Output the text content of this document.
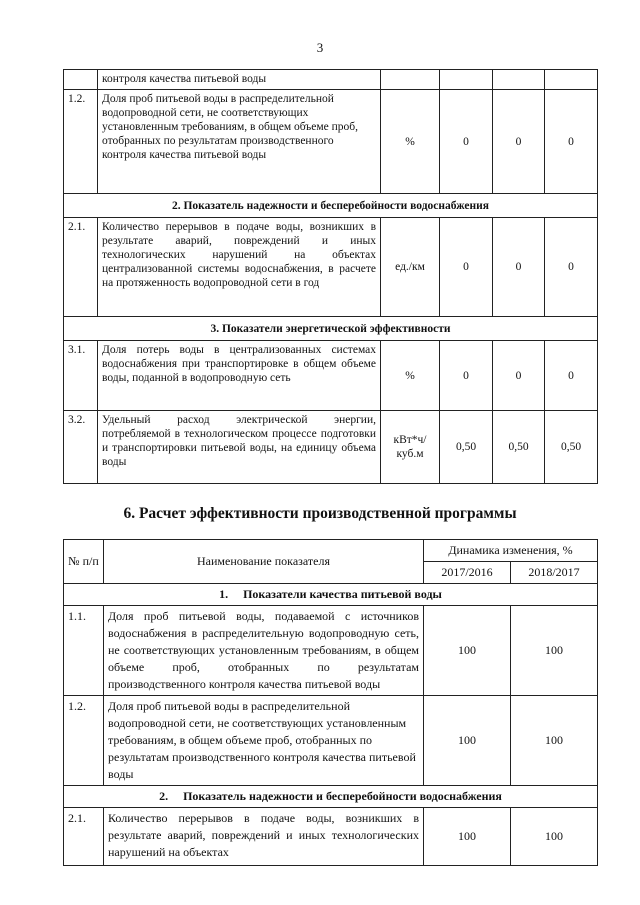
3
	контроля качества питьевой воды				
1.2.	Доля проб питьевой воды в распределительной водопроводной сети, не соответствующих установленным требованиям, в общем объеме проб, отобранных по результатам производственного контроля качества питьевой воды	%	0	0	0
2. Показатель надежности и бесперебойности водоснабжения					
2.1.	Количество перерывов в подаче воды, возникших в результате аварий, повреждений и иных технологических нарушений на объектах централизованной системы водоснабжения, в расчете на протяженность водопроводной сети в год	ед./км	0	0	0
3. Показатели энергетической эффективности					
3.1.	Доля потерь воды в централизованных системах водоснабжения при транспортировке в общем объеме воды, поданной в водопроводную сеть	%	0	0	0
3.2.	Удельный расход электрической энергии, потребляемой в технологическом процессе подготовки и транспортировки питьевой воды, на единицу объема воды	кВт*ч/ куб.м	0,50	0,50	0,50
6. Расчет эффективности производственной программы
№ п/п	Наименование показателя	Динамика изменения, %	
		2017/2016	2018/2017
1.     Показатели качества питьевой воды			
1.1.	Доля проб питьевой воды, подаваемой с источников водоснабжения в распределительную водопроводную сеть, не соответствующих установленным требованиям, в общем объеме проб, отобранных по результатам производственного контроля качества питьевой воды	100	100
1.2.	Доля проб питьевой воды в распределительной водопроводной сети, не соответствующих установленным требованиям, в общем объеме проб, отобранных по результатам производственного контроля качества питьевой воды	100	100
2.     Показатель надежности и бесперебойности водоснабжения			
2.1.	Количество перерывов в подаче воды, возникших в результате аварий, повреждений и иных технологических нарушений на объектах	100	100
